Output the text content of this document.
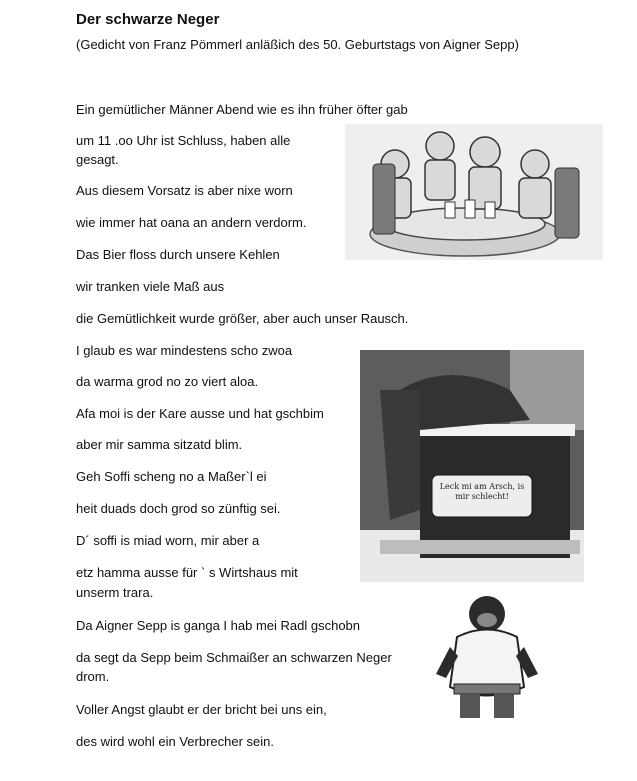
Der schwarze Neger
(Gedicht von Franz Pömmerl anläßich des 50. Geburtstags von Aigner Sepp)
Ein gemütlicher Männer Abend wie es ihn früher öfter gab
um 11 .oo Uhr ist Schluss, haben alle
gesagt.
Aus diesem Vorsatz is aber nixe worn
wie immer hat oana an andern verdorm.
Das Bier floss durch unsere Kehlen
wir tranken viele Maß aus
die Gemütlichkeit wurde größer, aber auch unser Rausch.
I glaub es war mindestens scho zwoa
da warma grod no zo viert aloa.
Afa moi is der Kare ausse und hat gschbim
aber mir samma sitzatd blim.
Geh Soffi scheng no a Maßer`l ei
heit duads doch grod so zünftig sei.
D´ soffi is miad worn, mir aber a
etz hamma ausse für ` s Wirtshaus mit
unserm trara.
Da Aigner Sepp is ganga I hab mei Radl gschobn
da segt da Sepp beim Schmaißer an schwarzen Neger
drom.
Voller Angst glaubt er der bricht bei uns ein,
des wird wohl ein Verbrecher sein.
Leck mi am Arsch, is mir schlecht!
